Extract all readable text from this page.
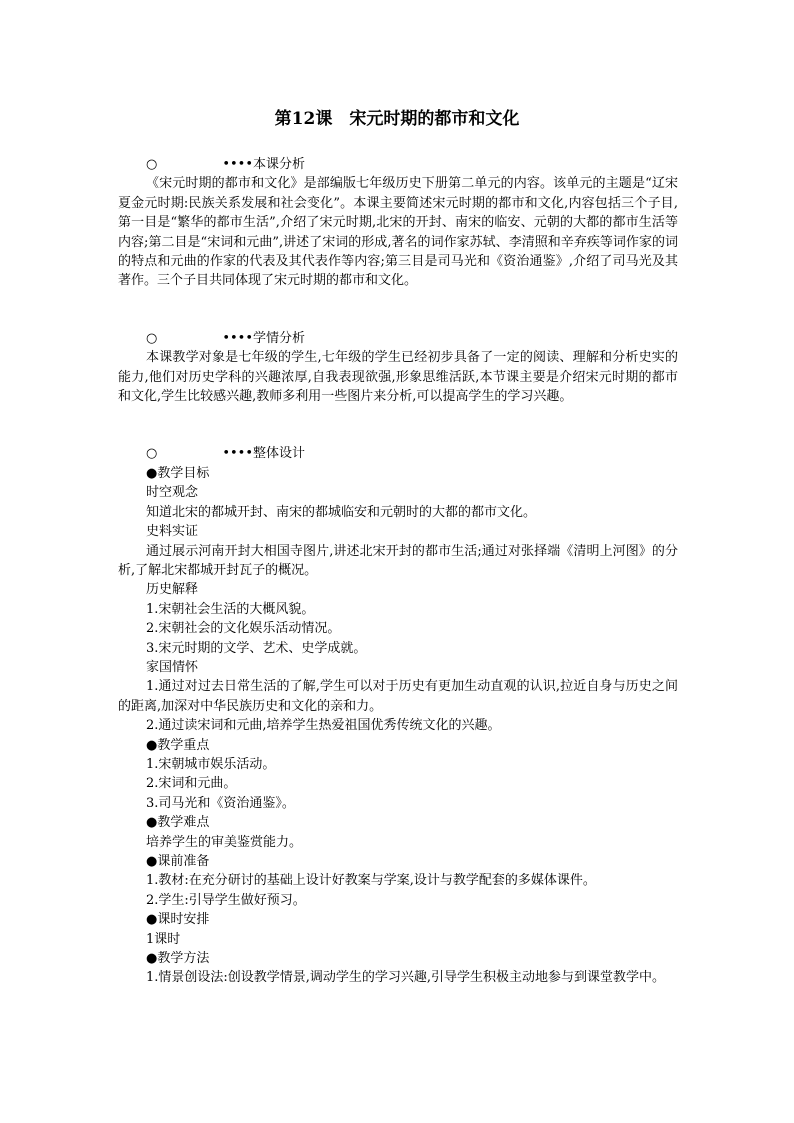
第12课　宋元时期的都市和文化

○　　　　　••••本课分析

《宋元时期的都市和文化》是部编版七年级历史下册第二单元的内容。该单元的主题是“辽宋夏金元时期:民族关系发展和社会变化”。本课主要简述宋元时期的都市和文化,内容包括三个子目,第一目是“繁华的都市生活”,介绍了宋元时期,北宋的开封、南宋的临安、元朝的大都的都市生活等内容;第二目是“宋词和元曲”,讲述了宋词的形成,著名的词作家苏轼、李清照和辛弃疾等词作家的词的特点和元曲的作家的代表及其代表作等内容;第三目是司马光和《资治通鉴》,介绍了司马光及其著作。三个子目共同体现了宋元时期的都市和文化。

○　　　　　••••学情分析

本课教学对象是七年级的学生,七年级的学生已经初步具备了一定的阅读、理解和分析史实的能力,他们对历史学科的兴趣浓厚,自我表现欲强,形象思维活跃,本节课主要是介绍宋元时期的都市和文化,学生比较感兴趣,教师多利用一些图片来分析,可以提高学生的学习兴趣。

○　　　　　••••整体设计

●教学目标

时空观念

知道北宋的都城开封、南宋的都城临安和元朝时的大都的都市文化。

史料实证

通过展示河南开封大相国寺图片,讲述北宋开封的都市生活;通过对张择端《清明上河图》的分析,了解北宋都城开封瓦子的概况。

历史解释

1.宋朝社会生活的大概风貌。

2.宋朝社会的文化娱乐活动情况。

3.宋元时期的文学、艺术、史学成就。

家国情怀

1.通过对过去日常生活的了解,学生可以对于历史有更加生动直观的认识,拉近自身与历史之间的距离,加深对中华民族历史和文化的亲和力。

2.通过读宋词和元曲,培养学生热爱祖国优秀传统文化的兴趣。

●教学重点

1.宋朝城市娱乐活动。

2.宋词和元曲。

3.司马光和《资治通鉴》。

●教学难点

培养学生的审美鉴赏能力。

●课前准备

1.教材:在充分研讨的基础上设计好教案与学案,设计与教学配套的多媒体课件。

2.学生:引导学生做好预习。

●课时安排

1课时

●教学方法

1.情景创设法:创设教学情景,调动学生的学习兴趣,引导学生积极主动地参与到课堂教学中。
